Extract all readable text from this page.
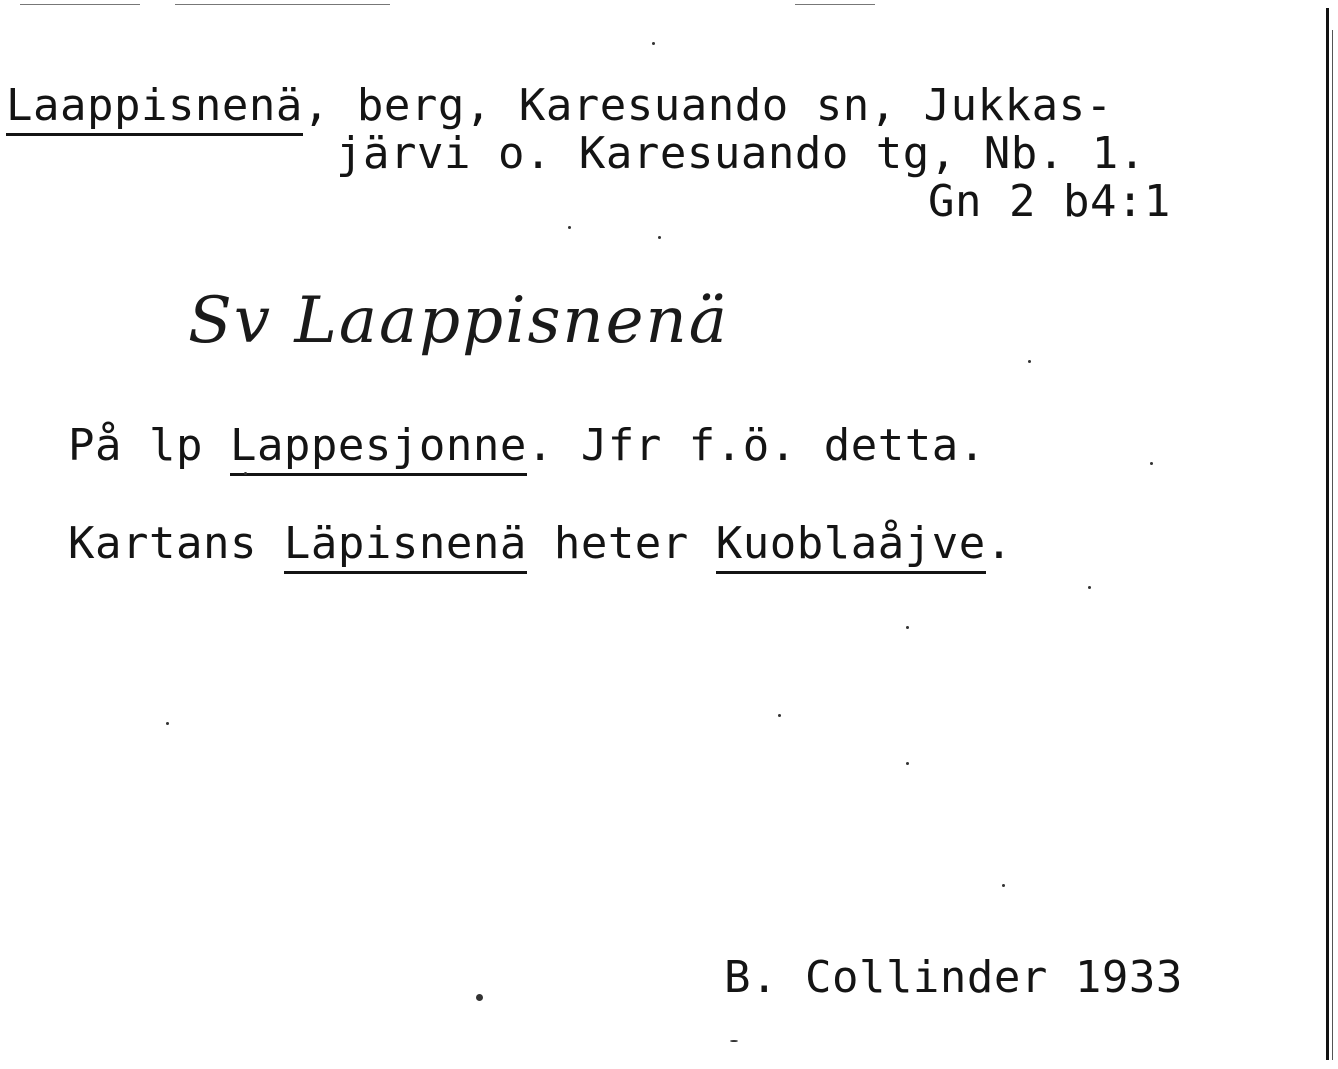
Laappisnenä, berg, Karesuando sn, Jukkas-
järvi o. Karesuando tg, Nb. 1.
Gn 2 b4:1
Sv Laappisnenä
På lp Lappesjonne. Jfr f.ö. detta.
Kartans Läpisnenä heter Kuoblaåjve.
B. Collinder 1933
